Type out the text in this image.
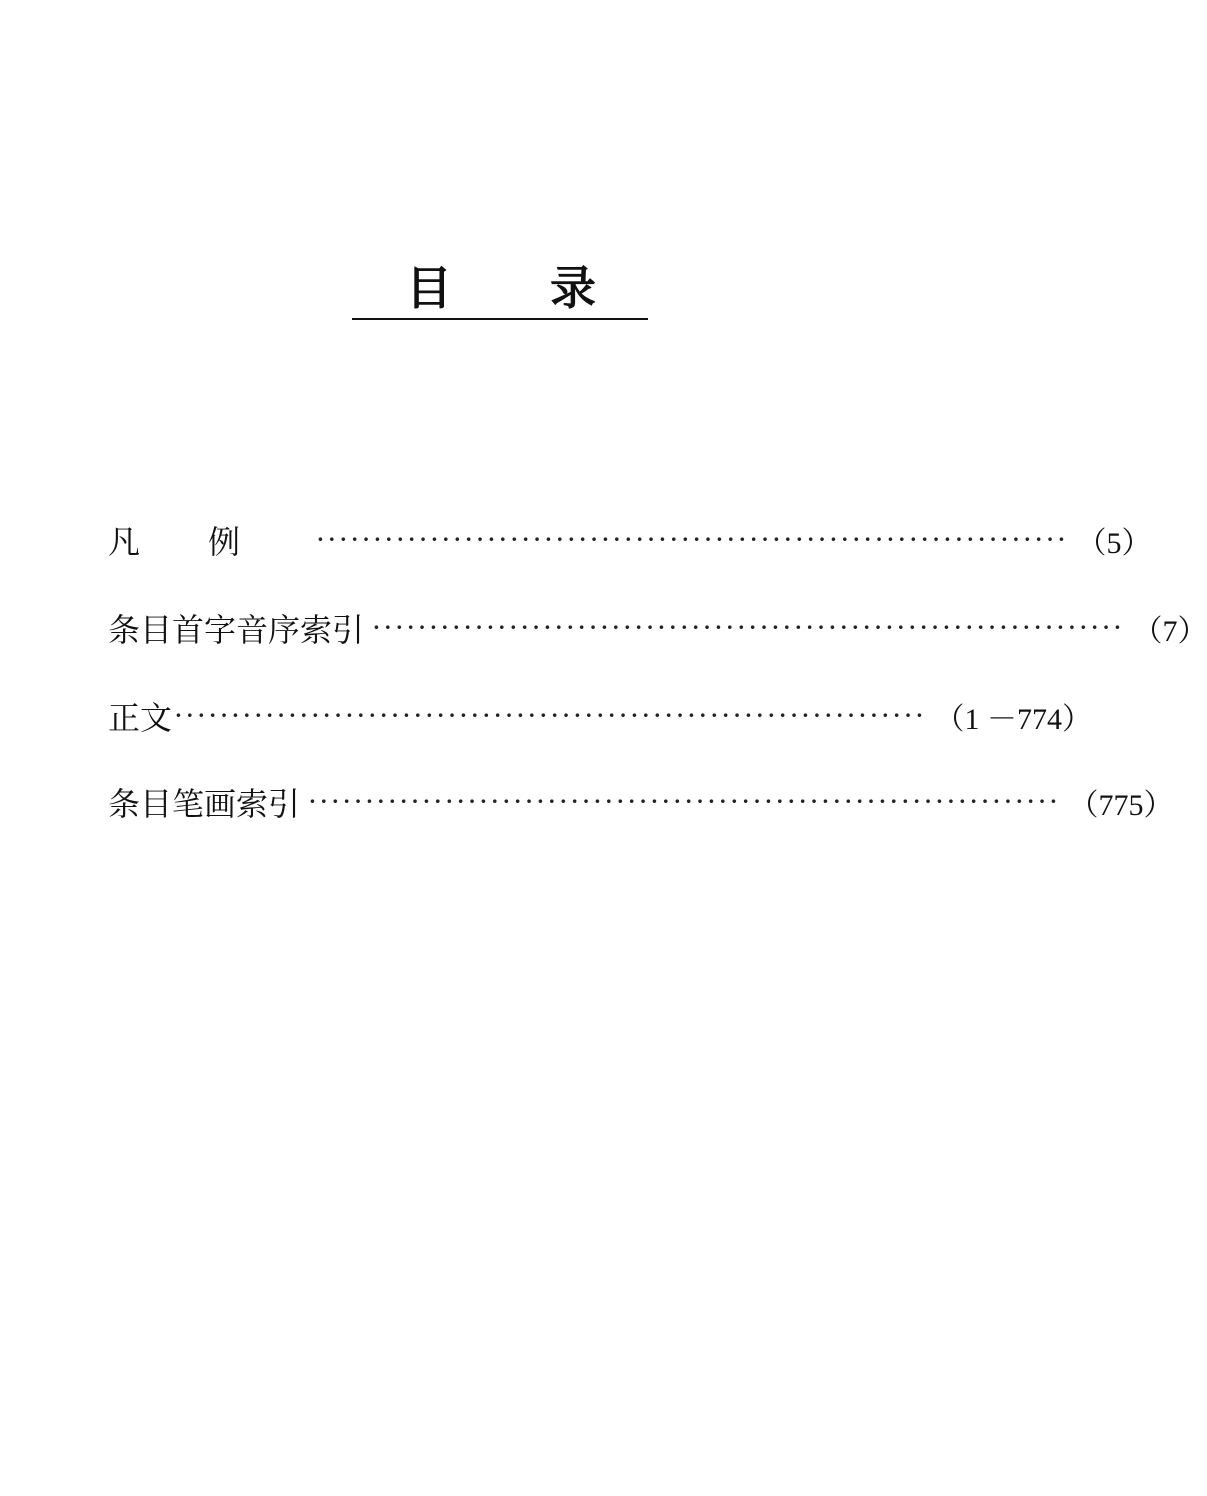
目 录
凡例 ·································································· （5）
条目首字音序索引 ·································································· （7）
正文 ·································································· （1 －774）
条目笔画索引 ·································································· （775）
